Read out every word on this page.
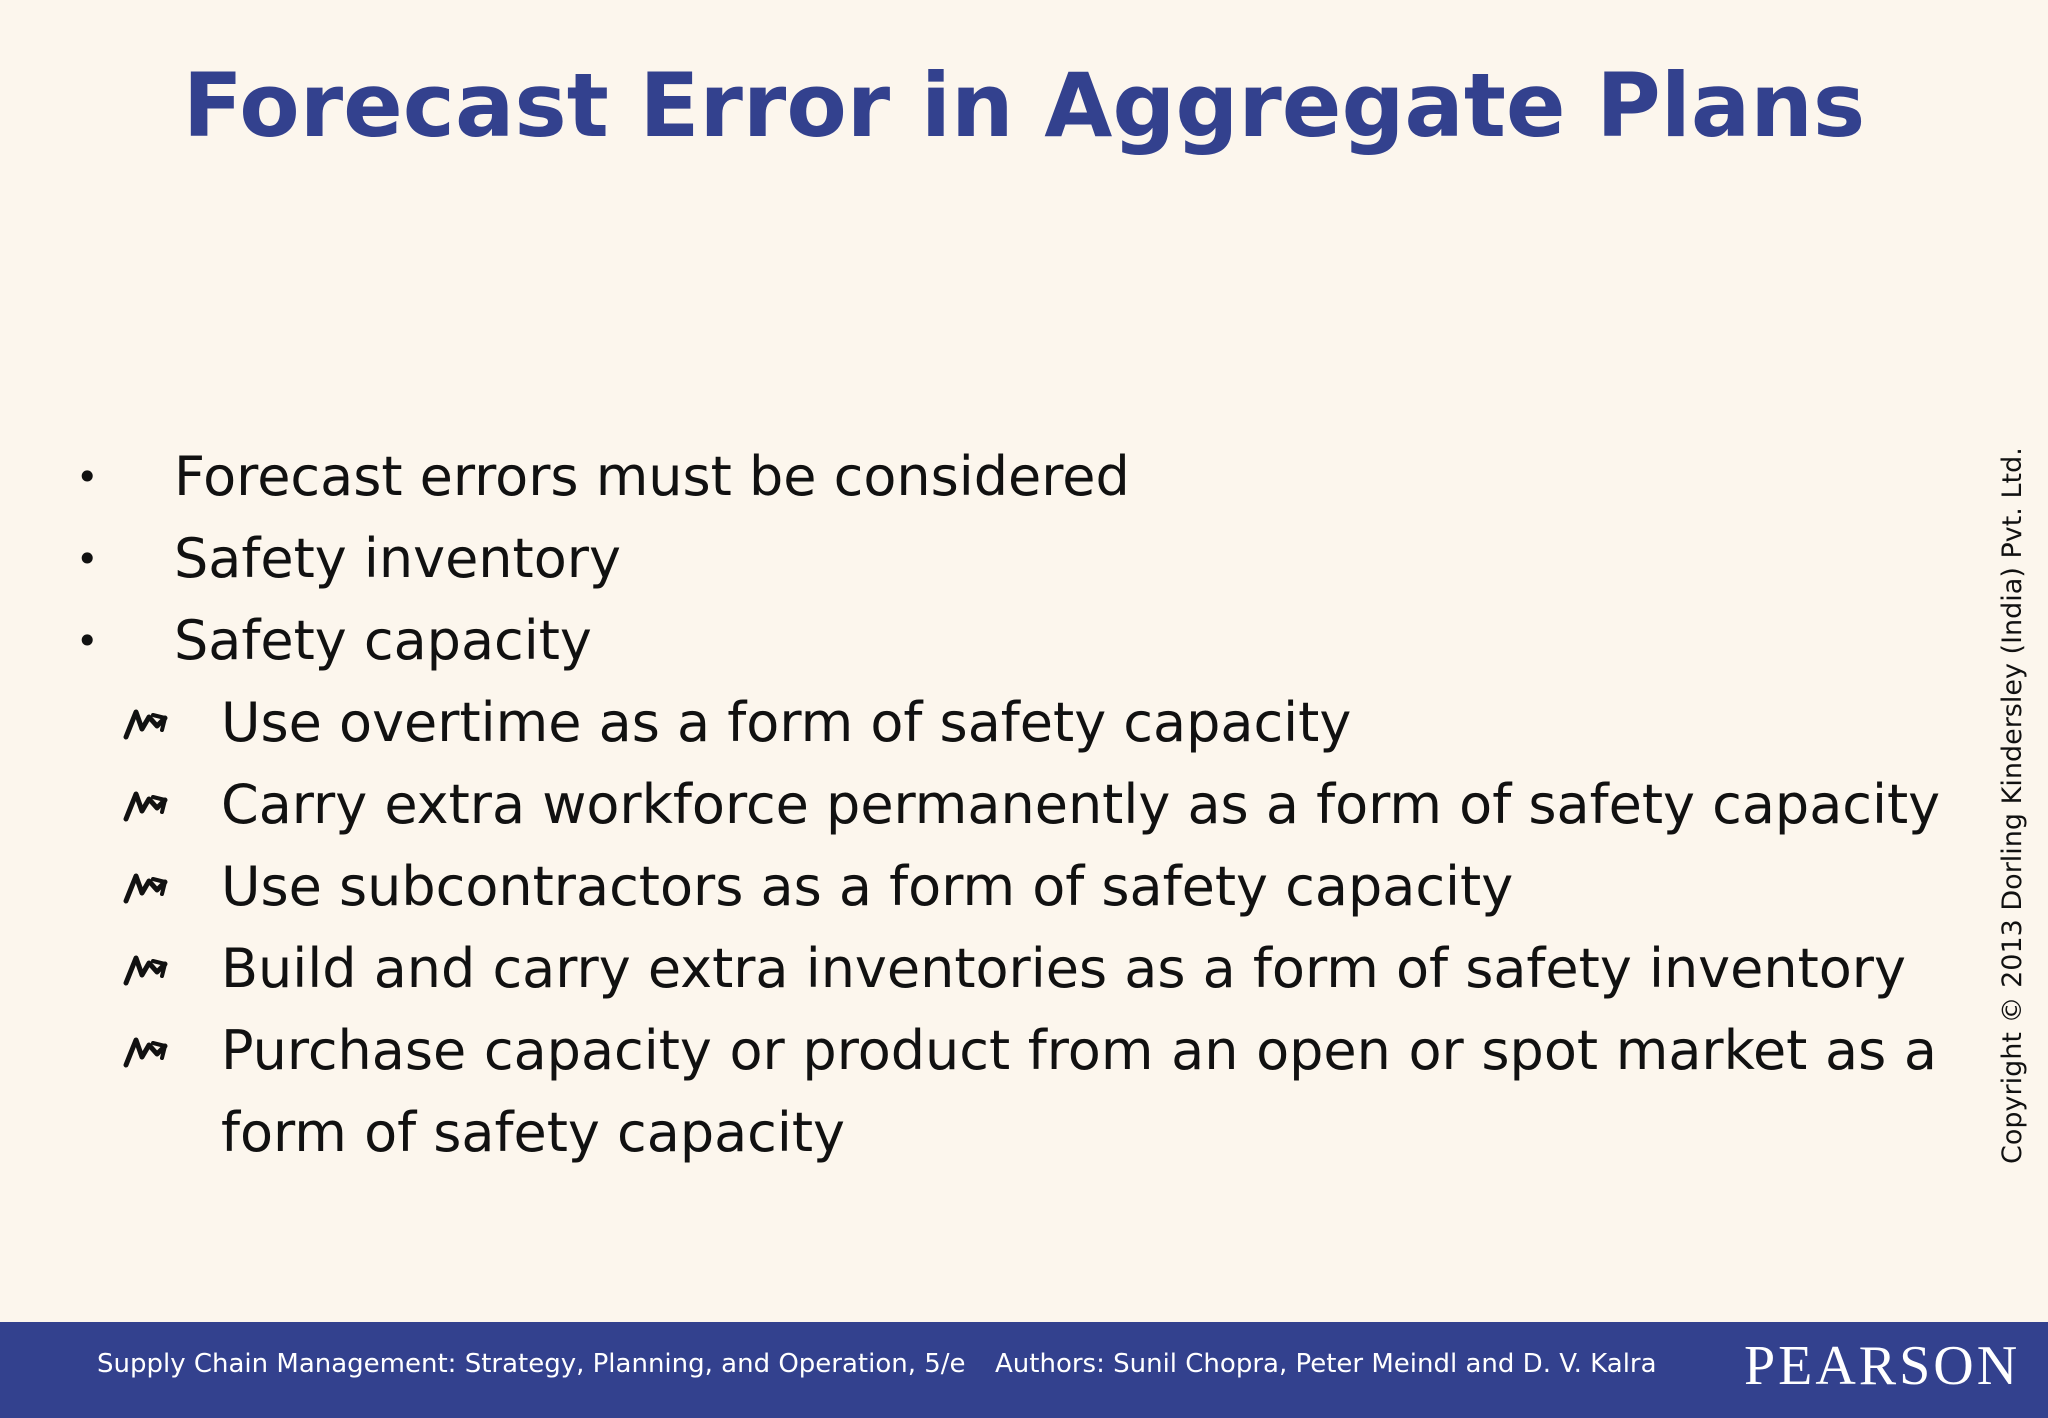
Forecast Error in Aggregate Plans
• Forecast errors must be considered
• Safety inventory
• Safety capacity
Use overtime as a form of safety capacity
Carry extra workforce permanently as a form of safety capacity
Use subcontractors as a form of safety capacity
Build and carry extra inventories as a form of safety inventory
Purchase capacity or product from an open or spot market as a form of safety capacity	Copyright © 2013 Dorling Kindersley (India) Pvt. Ltd.
Supply Chain Management: Strategy, Planning, and Operation, 5/e Authors: Sunil Chopra, Peter Meindl and D. V. Kalra PEARSON
